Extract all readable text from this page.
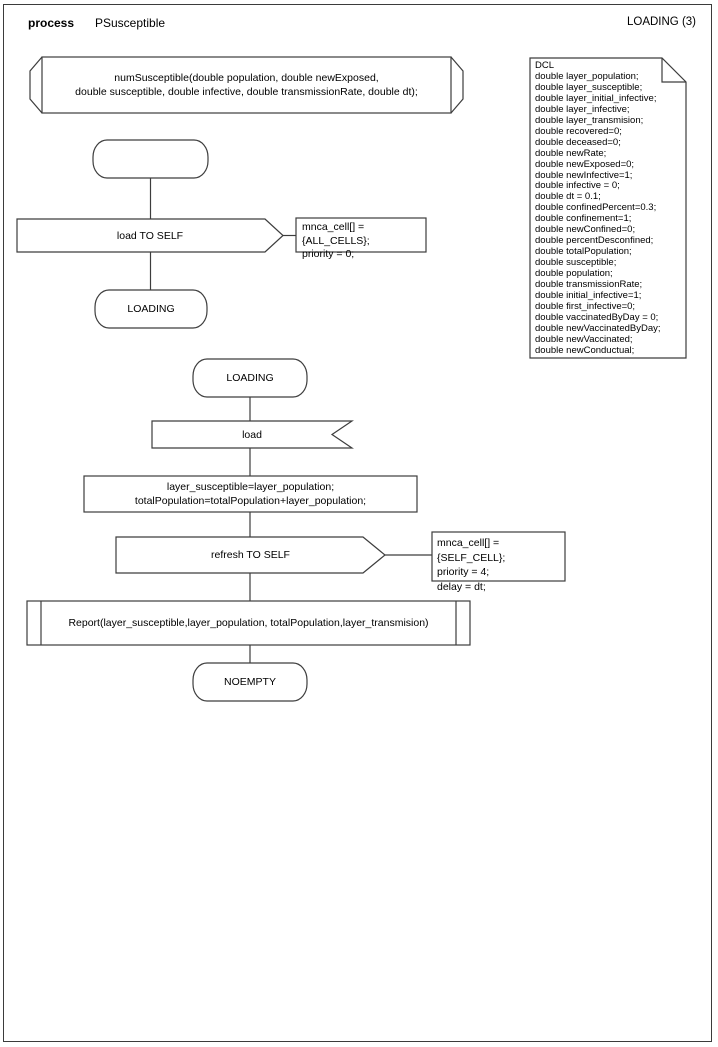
process PSusceptible	LOADING (3)
numSusceptible(double population, double newExposed,
double susceptible, double infective, double transmissionRate, double dt);
DCL
double layer_population;
double layer_susceptible;
double layer_initial_infective;
double layer_infective;
double layer_transmision;
double recovered=0;
double deceased=0;
double newRate;
double newExposed=0;
double newInfective=1;
double infective = 0;
double dt = 0.1;
double confinedPercent=0.3;
double confinement=1;
double newConfined=0;
double percentDesconfined;
double totalPopulation;
double susceptible;
double population;
double transmissionRate;
double initial_infective=1;
double first_infective=0;
double vaccinatedByDay = 0;
double newVaccinatedByDay;
double newVaccinated;
double newConductual;
load TO SELF
mnca_cell[] = {ALL_CELLS};
priority = 0;
LOADING
LOADING
load
layer_susceptible=layer_population;
totalPopulation=totalPopulation+layer_population;
refresh TO SELF
mnca_cell[] = {SELF_CELL};
priority = 4;
delay = dt;
Report(layer_susceptible,layer_population, totalPopulation,layer_transmision)
NOEMPTY
